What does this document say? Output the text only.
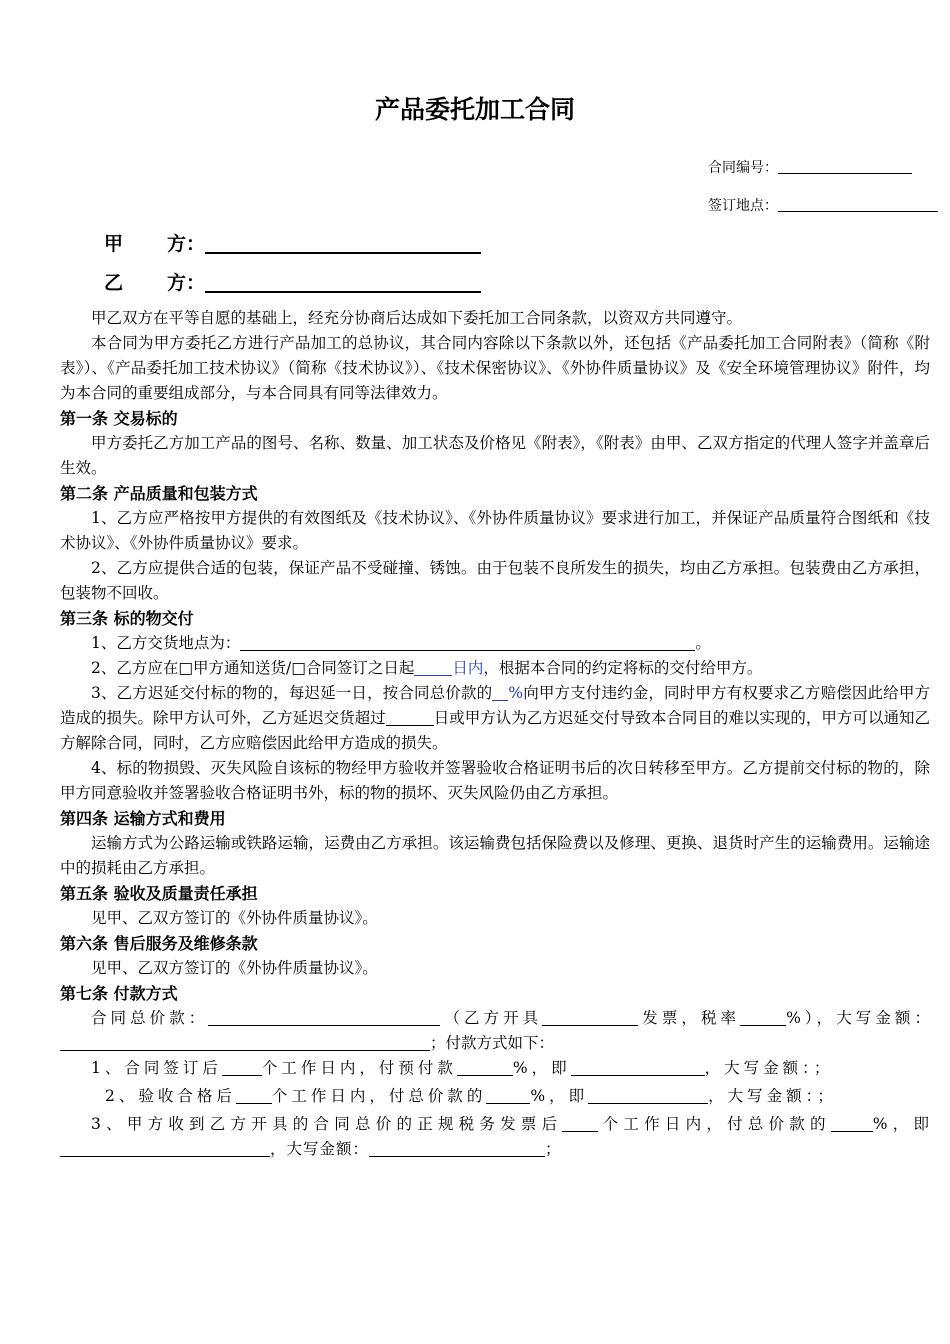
产品委托加工合同
合同编号：
签订地点：
甲 方：
乙 方：

甲乙双方在平等自愿的基础上，经充分协商后达成如下委托加工合同条款，以资双方共同遵守。

本合同为甲方委托乙方进行产品加工的总协议，其合同内容除以下条款以外，还包括《产品委托加工合同附表》（简称《附表》）、《产品委托加工技术协议》（简称《技术协议》）、《技术保密协议》、《外协件质量协议》及《安全环境管理协议》附件，均为本合同的重要组成部分，与本合同具有同等法律效力。

第一条 交易标的

甲方委托乙方加工产品的图号、名称、数量、加工状态及价格见《附表》，《附表》由甲、乙双方指定的代理人签字并盖章后生效。

第二条 产品质量和包装方式

1、乙方应严格按甲方提供的有效图纸及《技术协议》、《外协件质量协议》要求进行加工，并保证产品质量符合图纸和《技术协议》、《外协件质量协议》要求。

2、乙方应提供合适的包装，保证产品不受碰撞、锈蚀。由于包装不良所发生的损失，均由乙方承担。包装费由乙方承担，包装物不回收。

第三条 标的物交付

1、乙方交货地点为：	。

2、乙方应在□甲方通知送货/□合同签订之日起 日内，根据本合同的约定将标的交付给甲方。

3、乙方迟延交付标的物的，每迟延一日，按合同总价款的 %向甲方支付违约金，同时甲方有权要求乙方赔偿因此给甲方造成的损失。除甲方认可外，乙方延迟交货超过	日或甲方认为乙方迟延交付导致本合同目的难以实现的，甲方可以通知乙方解除合同，同时，乙方应赔偿因此给甲方造成的损失。

4、标的物损毁、灭失风险自该标的物经甲方验收并签署验收合格证明书后的次日转移至甲方。乙方提前交付标的物的，除甲方同意验收并签署验收合格证明书外，标的物的损坏、灭失风险仍由乙方承担。

第四条 运输方式和费用

运输方式为公路运输或铁路运输，运费由乙方承担。该运输费包括保险费以及修理、更换、退货时产生的运输费用。运输途中的损耗由乙方承担。

第五条 验收及质量责任承担

见甲、乙双方签订的《外协件质量协议》。

第六条 售后服务及维修条款

见甲、乙双方签订的《外协件质量协议》。

第七条 付款方式

合同总价款：	（乙方开具	发票，税率	%），大写金额：；付款方式如下：

1、合同签订后	个工作日内，付预付款	%，即	，大写金额：；

2、验收合格后 个工作日内，付总价款的	%，即	，大写金额：；

3、甲方收到乙方开具的合同总价的正规税务发票后 个工作日内，付总价款的	%，即，大写金额：	；
